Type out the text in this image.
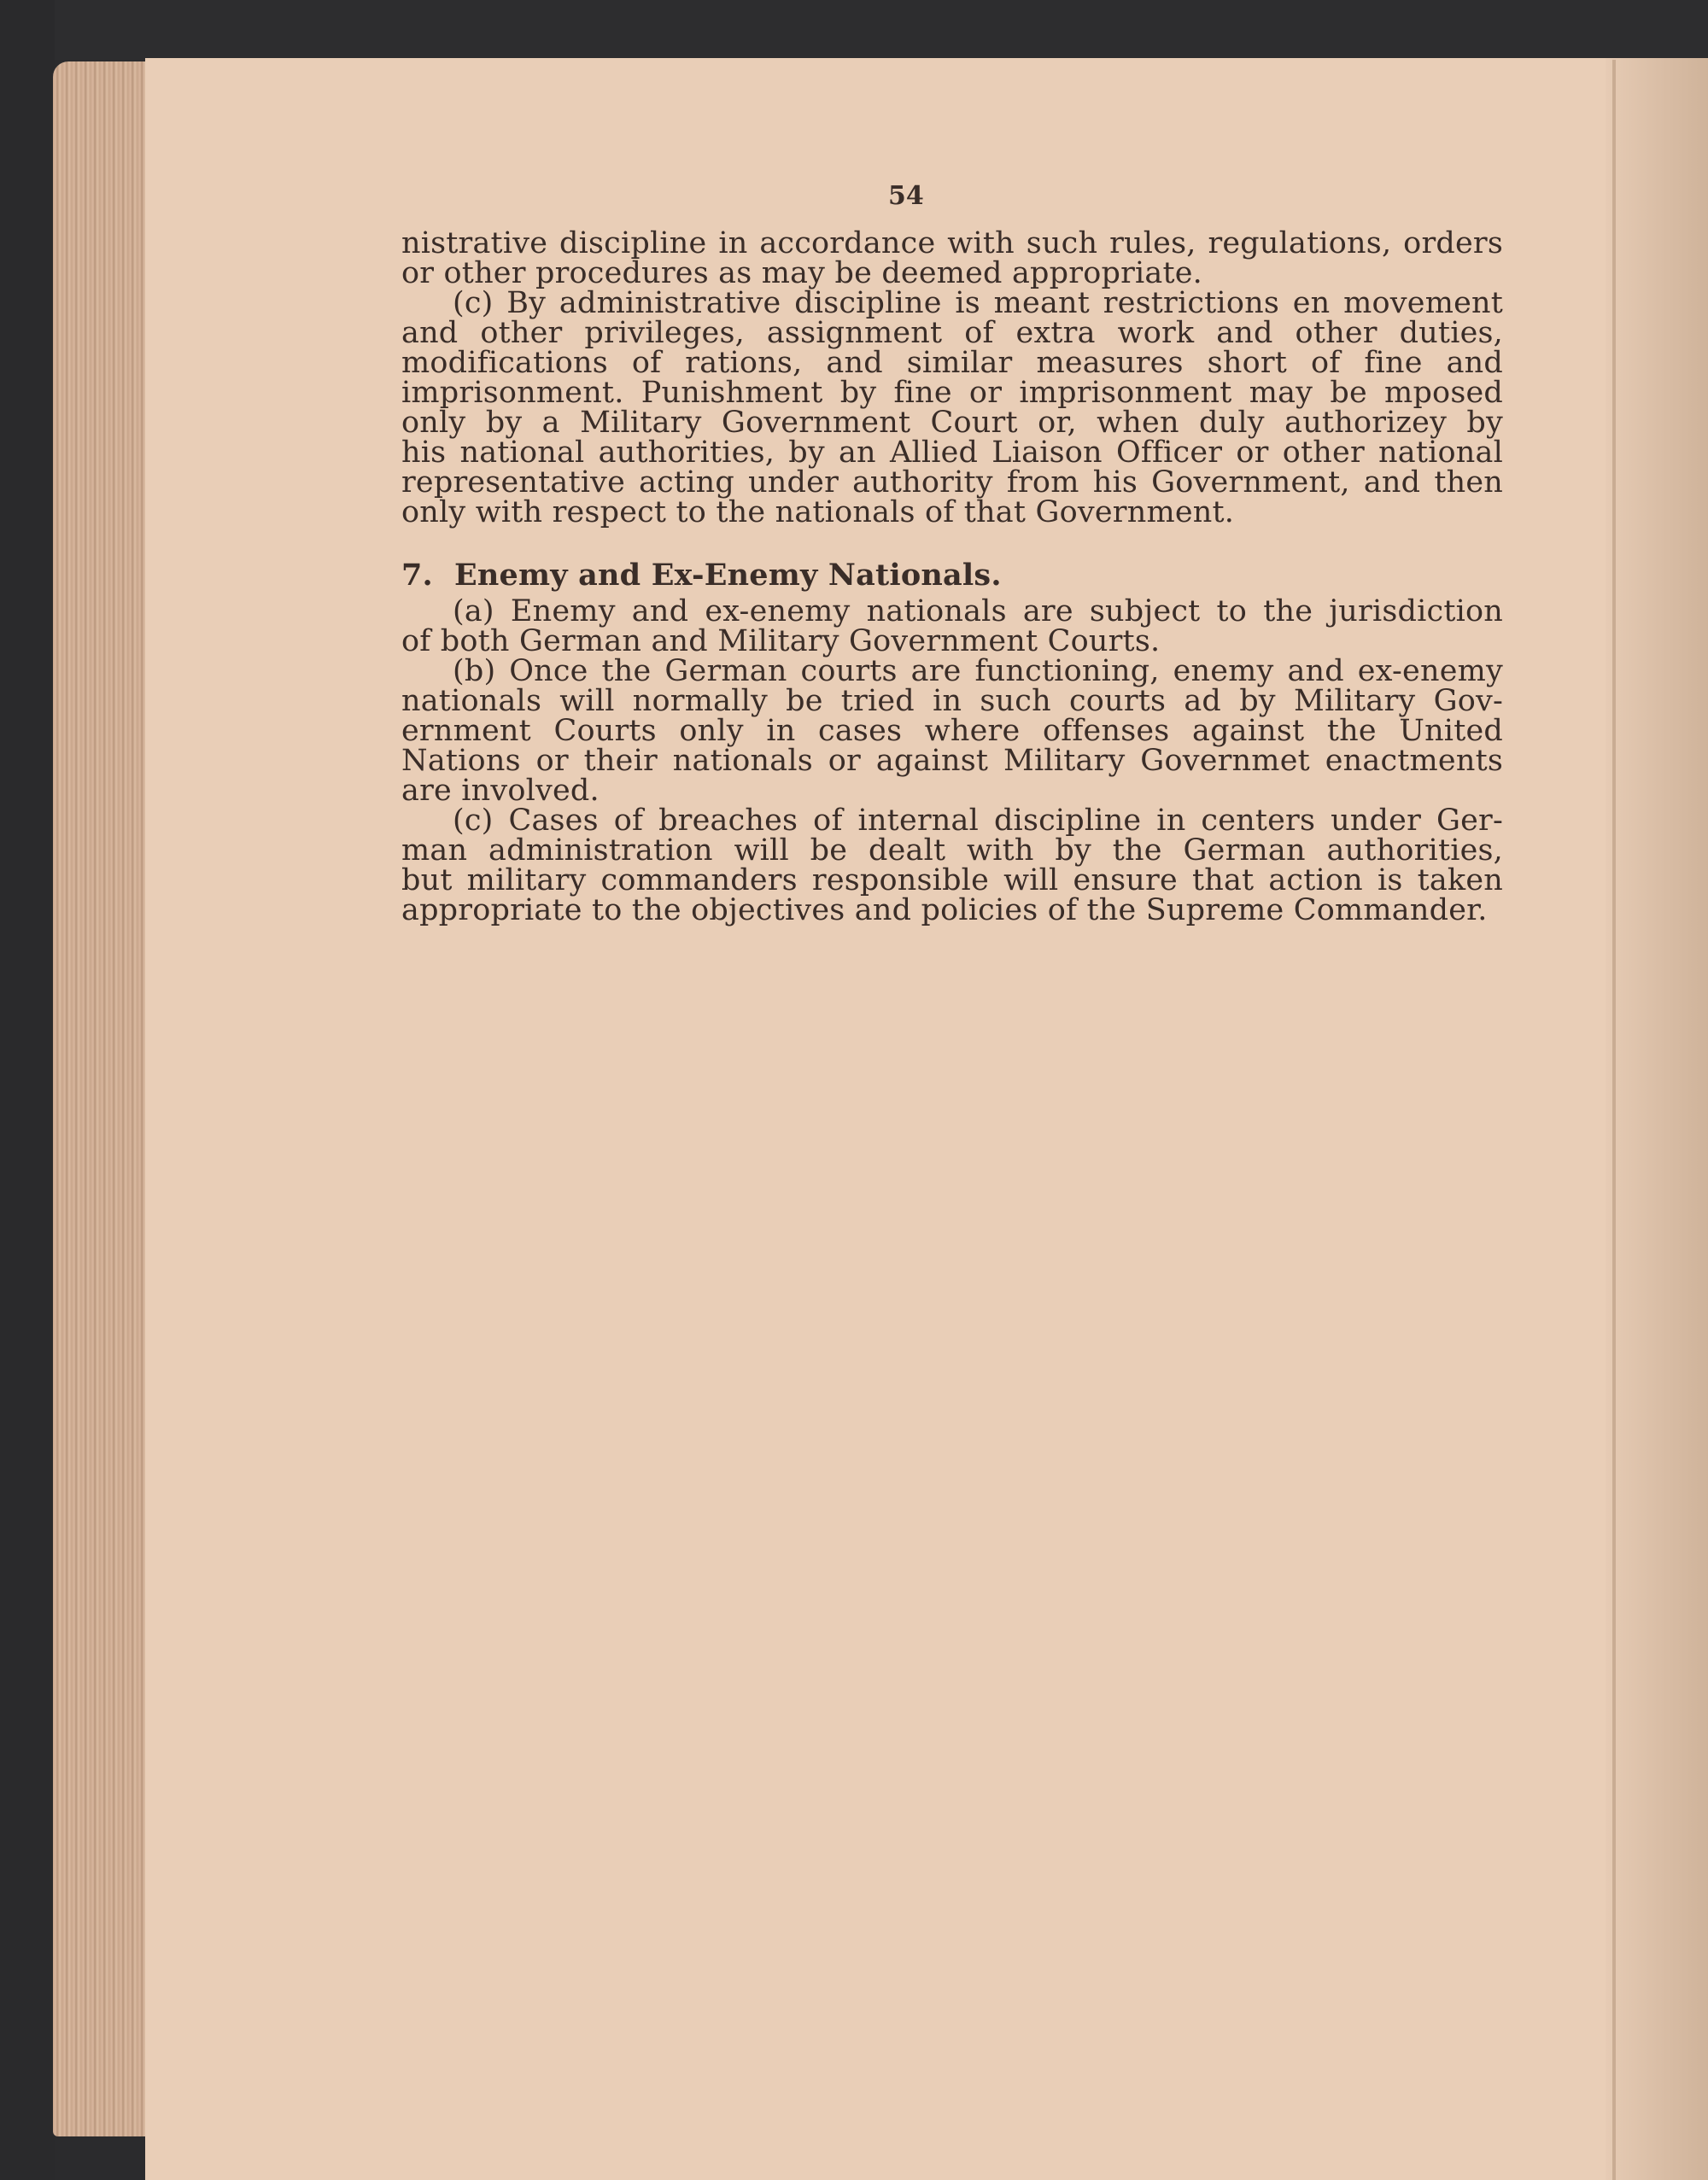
54
nistrative discipline in accordance with such rules, regulations, orders
or other procedures as may be deemed appropriate.
(c) By administrative discipline is meant restrictions en movement
and other privileges, assignment of extra work and other duties,
modifications of rations, and similar measures short of fine and
imprisonment. Punishment by fine or imprisonment may be mposed
only by a Military Government Court or, when duly authorizey by
his national authorities, by an Allied Liaison Officer or other national
representative acting under authority from his Government, and then
only with respect to the nationals of that Government.
7. Enemy and Ex-Enemy Nationals.
(a) Enemy and ex-enemy nationals are subject to the jurisdiction
of both German and Military Government Courts.
(b) Once the German courts are functioning, enemy and ex-enemy
nationals will normally be tried in such courts ad by Military Gov-
ernment Courts only in cases where offenses against the United
Nations or their nationals or against Military Governmet enactments
are involved.
(c) Cases of breaches of internal discipline in centers under Ger-
man administration will be dealt with by the German authorities,
but military commanders responsible will ensure that action is taken
appropriate to the objectives and policies of the Supreme Commander.
